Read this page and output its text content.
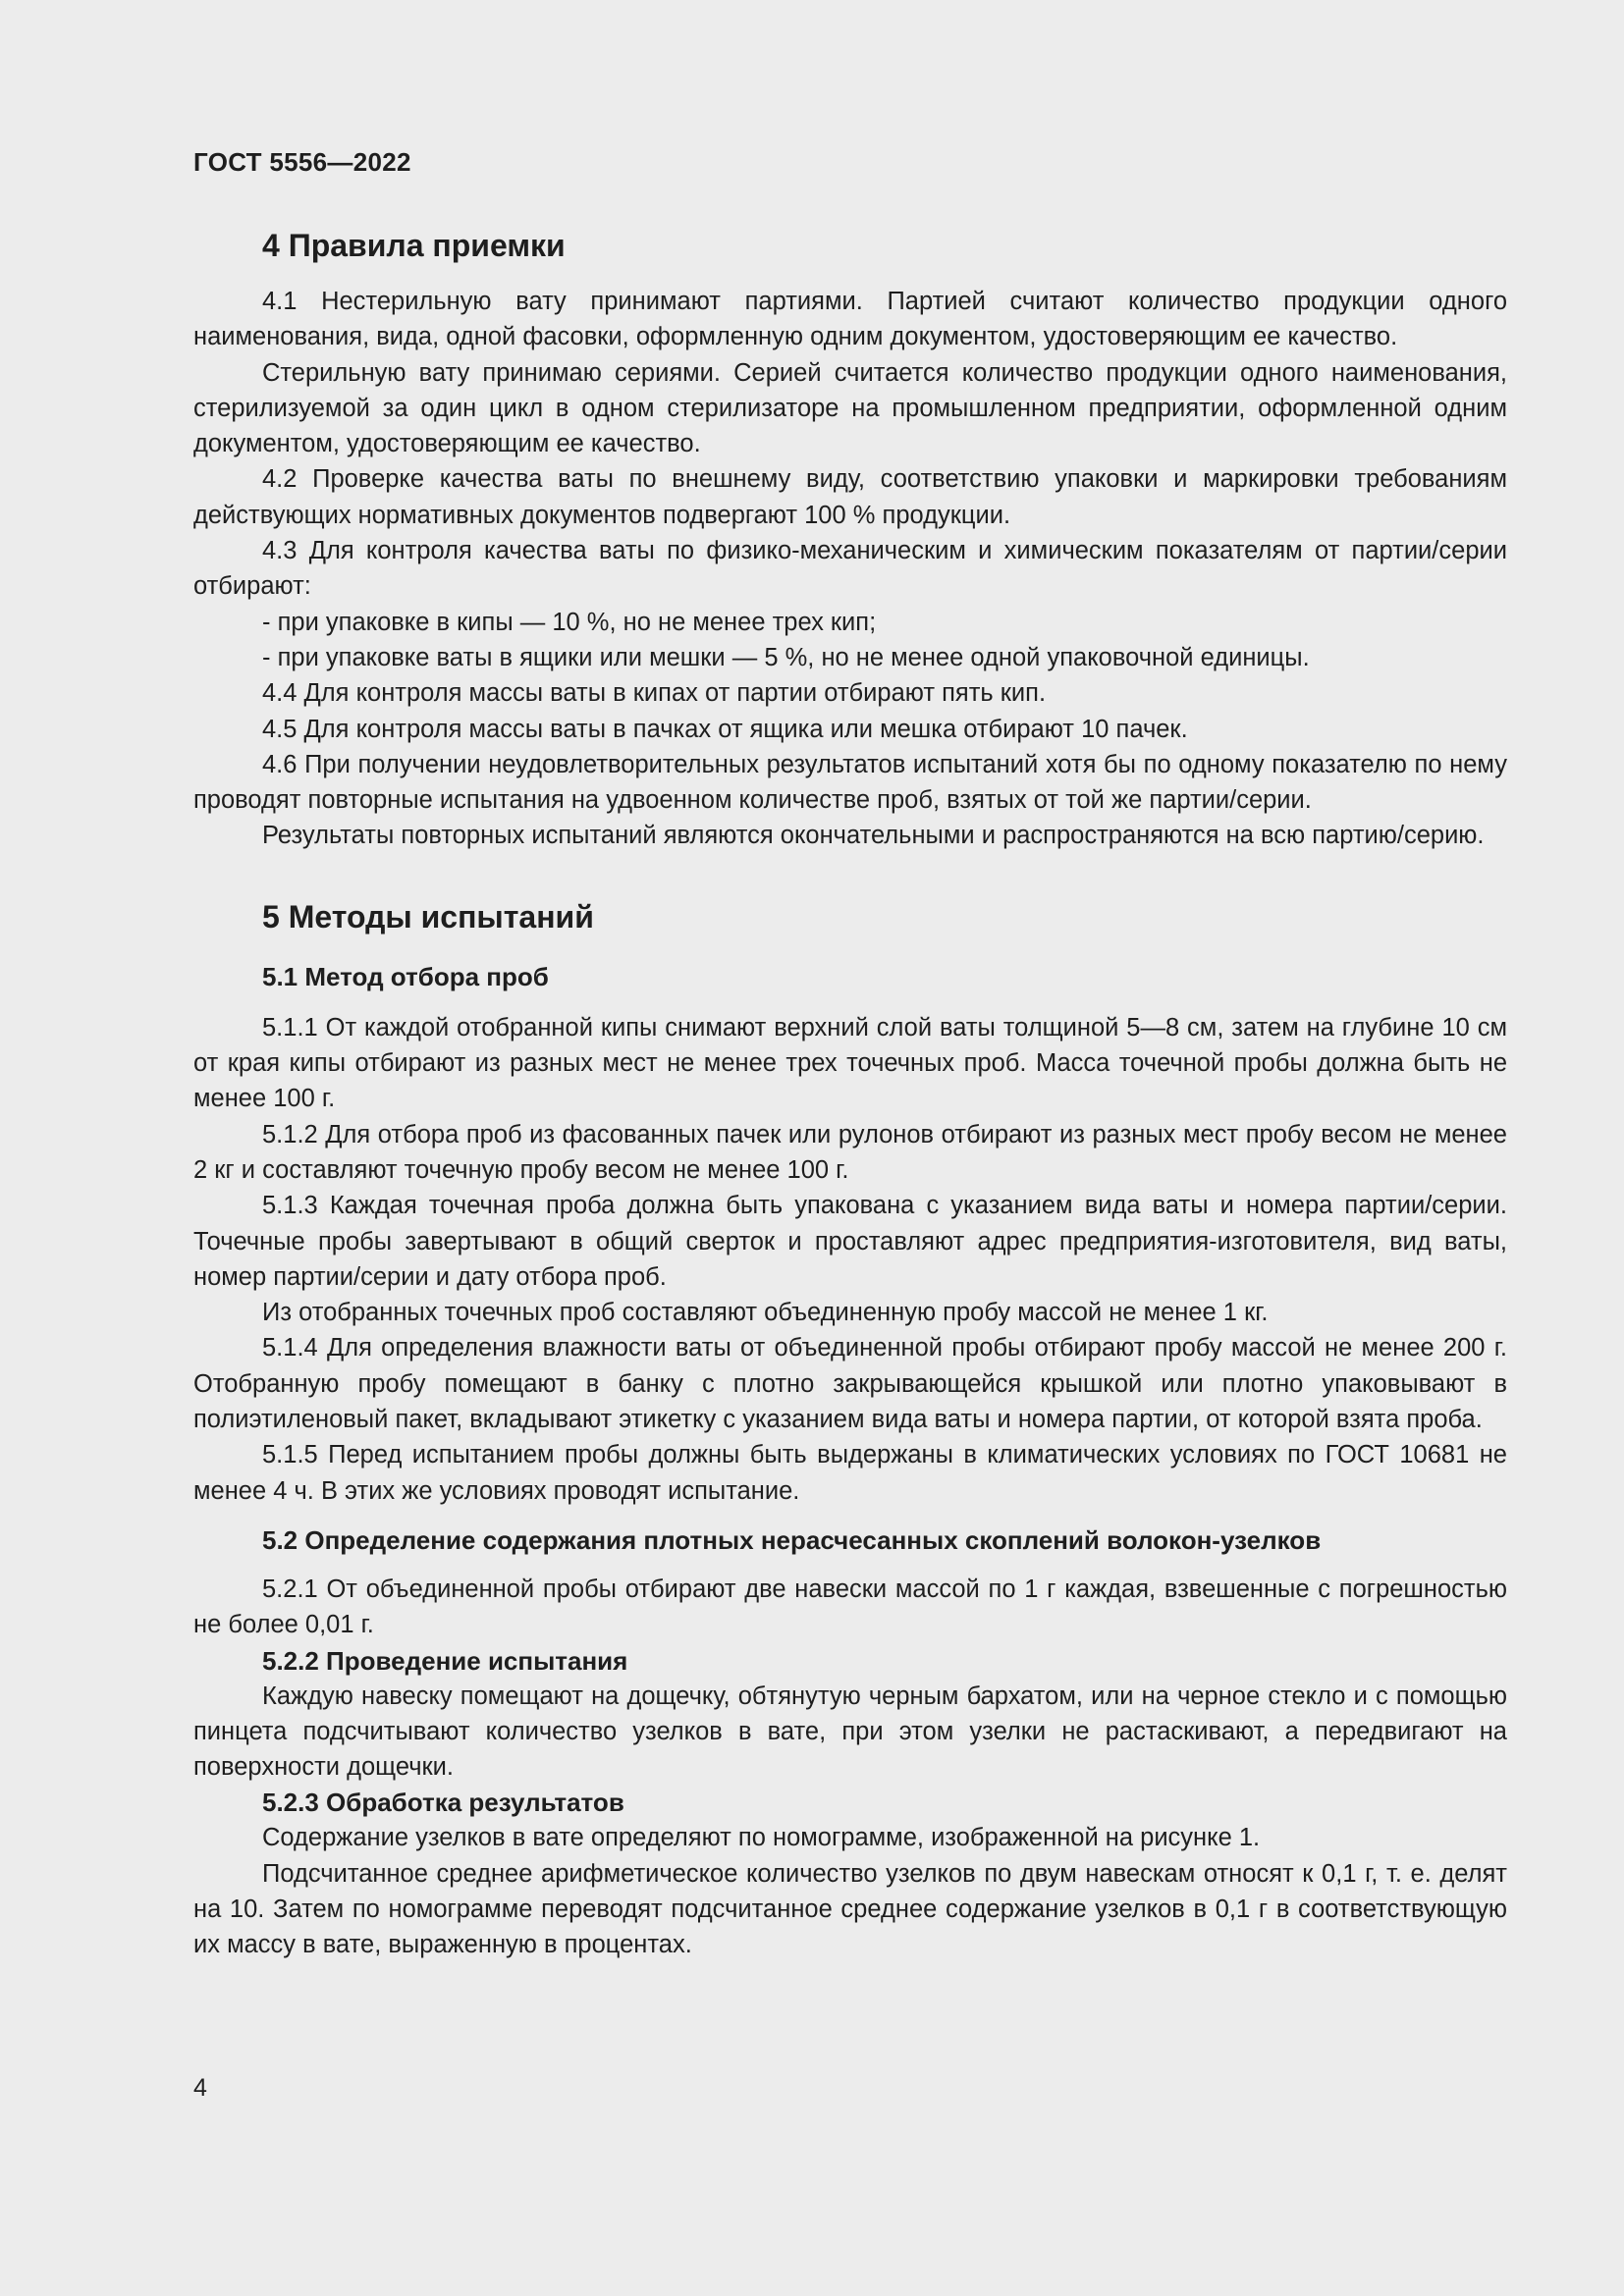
ГОСТ 5556—2022
4 Правила приемки

4.1 Нестерильную вату принимают партиями. Партией считают количество продукции одного наименования, вида, одной фасовки, оформленную одним документом, удостоверяющим ее качество.

Стерильную вату принимаю сериями. Серией считается количество продукции одного наименования, стерилизуемой за один цикл в одном стерилизаторе на промышленном предприятии, оформленной одним документом, удостоверяющим ее качество.

4.2 Проверке качества ваты по внешнему виду, соответствию упаковки и маркировки требованиям действующих нормативных документов подвергают 100 % продукции.

4.3 Для контроля качества ваты по физико-механическим и химическим показателям от партии/серии отбирают:

- при упаковке в кипы — 10 %, но не менее трех кип;

- при упаковке ваты в ящики или мешки — 5 %, но не менее одной упаковочной единицы.

4.4 Для контроля массы ваты в кипах от партии отбирают пять кип.

4.5 Для контроля массы ваты в пачках от ящика или мешка отбирают 10 пачек.

4.6 При получении неудовлетворительных результатов испытаний хотя бы по одному показателю по нему проводят повторные испытания на удвоенном количестве проб, взятых от той же партии/серии.

Результаты повторных испытаний являются окончательными и распространяются на всю партию/серию.

5 Методы испытаний
5.1 Метод отбора проб

5.1.1 От каждой отобранной кипы снимают верхний слой ваты толщиной 5—8 см, затем на глубине 10 см от края кипы отбирают из разных мест не менее трех точечных проб. Масса точечной пробы должна быть не менее 100 г.

5.1.2 Для отбора проб из фасованных пачек или рулонов отбирают из разных мест пробу весом не менее 2 кг и составляют точечную пробу весом не менее 100 г.

5.1.3 Каждая точечная проба должна быть упакована с указанием вида ваты и номера партии/серии. Точечные пробы завертывают в общий сверток и проставляют адрес предприятия-изготовителя, вид ваты, номер партии/серии и дату отбора проб.

Из отобранных точечных проб составляют объединенную пробу массой не менее 1 кг.

5.1.4 Для определения влажности ваты от объединенной пробы отбирают пробу массой не менее 200 г. Отобранную пробу помещают в банку с плотно закрывающейся крышкой или плотно упаковывают в полиэтиленовый пакет, вкладывают этикетку с указанием вида ваты и номера партии, от которой взята проба.

5.1.5 Перед испытанием пробы должны быть выдержаны в климатических условиях по ГОСТ 10681 не менее 4 ч. В этих же условиях проводят испытание.

5.2 Определение содержания плотных нерасчесанных скоплений волокон-узелков

5.2.1 От объединенной пробы отбирают две навески массой по 1 г каждая, взвешенные с погрешностью не более 0,01 г.

5.2.2 Проведение испытания

Каждую навеску помещают на дощечку, обтянутую черным бархатом, или на черное стекло и с помощью пинцета подсчитывают количество узелков в вате, при этом узелки не растаскивают, а передвигают на поверхности дощечки.

5.2.3 Обработка результатов

Содержание узелков в вате определяют по номограмме, изображенной на рисунке 1.

Подсчитанное среднее арифметическое количество узелков по двум навескам относят к 0,1 г, т. е. делят на 10. Затем по номограмме переводят подсчитанное среднее содержание узелков в 0,1 г в соответствующую их массу в вате, выраженную в процентах.

4
